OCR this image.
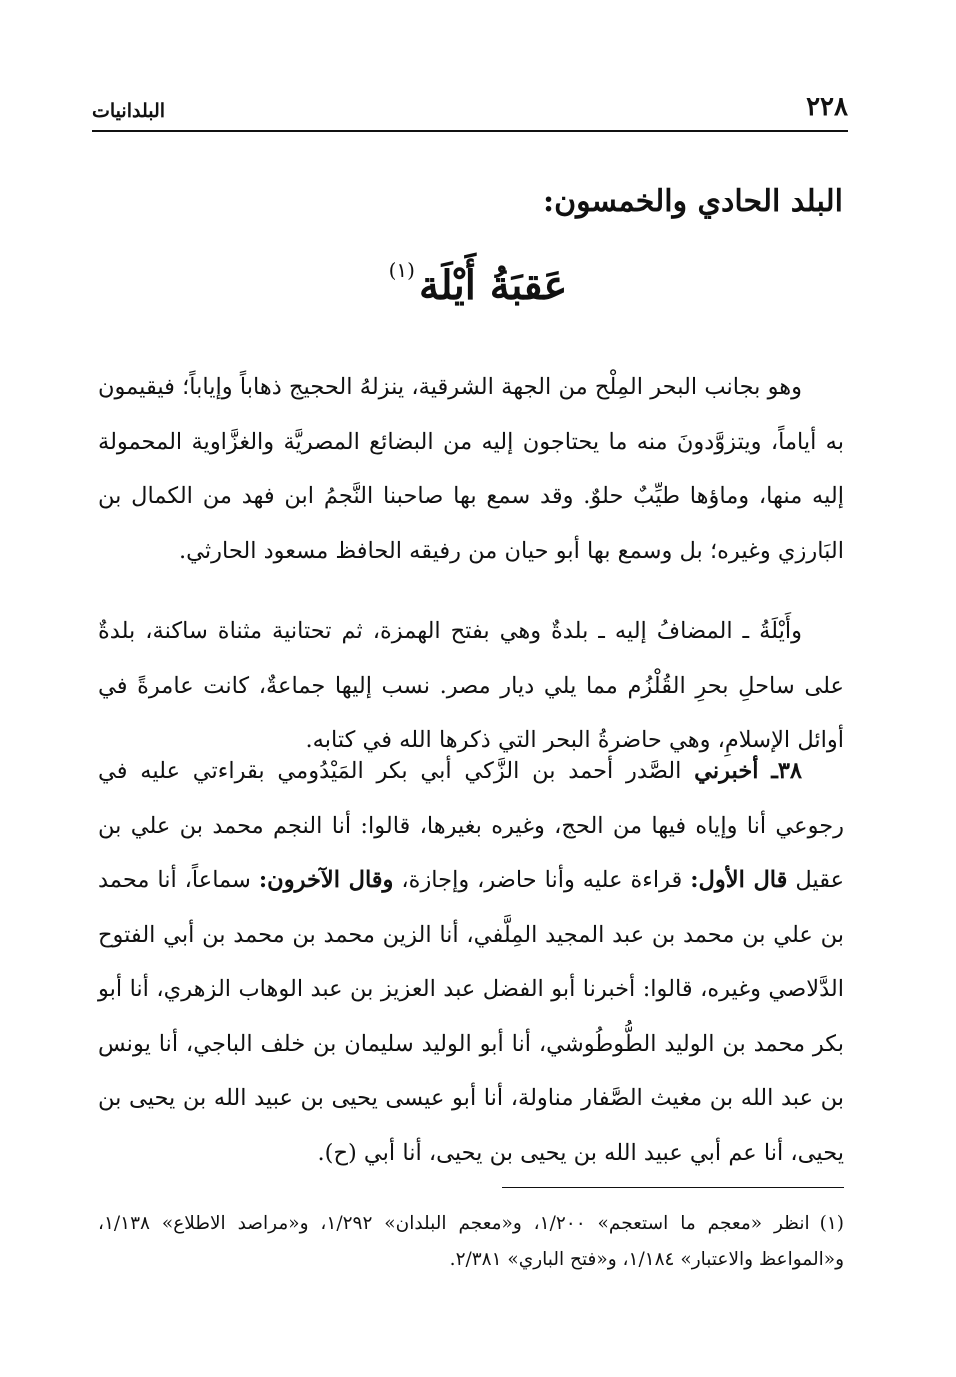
٢٢٨
البلدانيات
البلد الحادي والخمسون:
عَقبَةُ أَيْلَة$^{(١)}$

وهو بجانب البحر المِلْح من الجهة الشرقية، ينزلهُ الحجيج ذهاباً وإياباً؛ فيقيمون به أياماً، ويتزوَّدونَ منه ما يحتاجون إليه من البضائع المصريَّة والغزَّاوية المحمولة إليه منها، وماؤها طيِّبٌ حلوٌ. وقد سمع بها صاحبنا النَّجمُ ابن فهد من الكمال بن البَارزي وغيره؛ بل وسمع بها أبو حيان من رفيقه الحافظ مسعود الحارثي.

وأَيْلَةُ ـ المضافُ إليه ـ بلدةٌ وهي بفتح الهمزة، ثم تحتانية مثناة ساكنة، بلدةٌ على ساحلِ بحرِ القُلْزُم مما يلي ديار مصر. نسب إليها جماعةٌ، كانت عامرةً في أوائل الإسلامِ، وهي حاضرةُ البحر التي ذكرها الله في كتابه.

٣٨ـ أخبرني الصَّدر أحمد بن الزَّكي أبي بكر المَيْدُومي بقراءتي عليه في رجوعي أنا وإياه فيها من الحج، وغيره بغيرها، قالوا: أنا النجم محمد بن علي بن عقيل قال الأول: قراءة عليه وأنا حاضر، وإجازة، وقال الآخرون: سماعاً، أنا محمد بن علي بن محمد بن عبد المجيد المِلَّفي، أنا الزين محمد بن محمد بن أبي الفتوح الدَّلاصي وغيره، قالوا: أخبرنا أبو الفضل عبد العزيز بن عبد الوهاب الزهري، أنا أبو بكر محمد بن الوليد الطُّوطُوشي، أنا أبو الوليد سليمان بن خلف الباجي، أنا يونس بن عبد الله بن مغيث الصَّفار مناولة، أنا أبو عيسى يحيى بن عبيد الله بن يحيى بن يحيى، أنا عم أبي عبيد الله بن يحيى بن يحيى، أنا أبي (ح).

(١)انظر «معجم ما استعجم» ١/٢٠٠، و«معجم البلدان» ١/٢٩٢، و«مراصد الاطلاع» ١/١٣٨، و«المواعظ والاعتبار» ١/١٨٤، و«فتح الباري» ٢/٣٨١.
